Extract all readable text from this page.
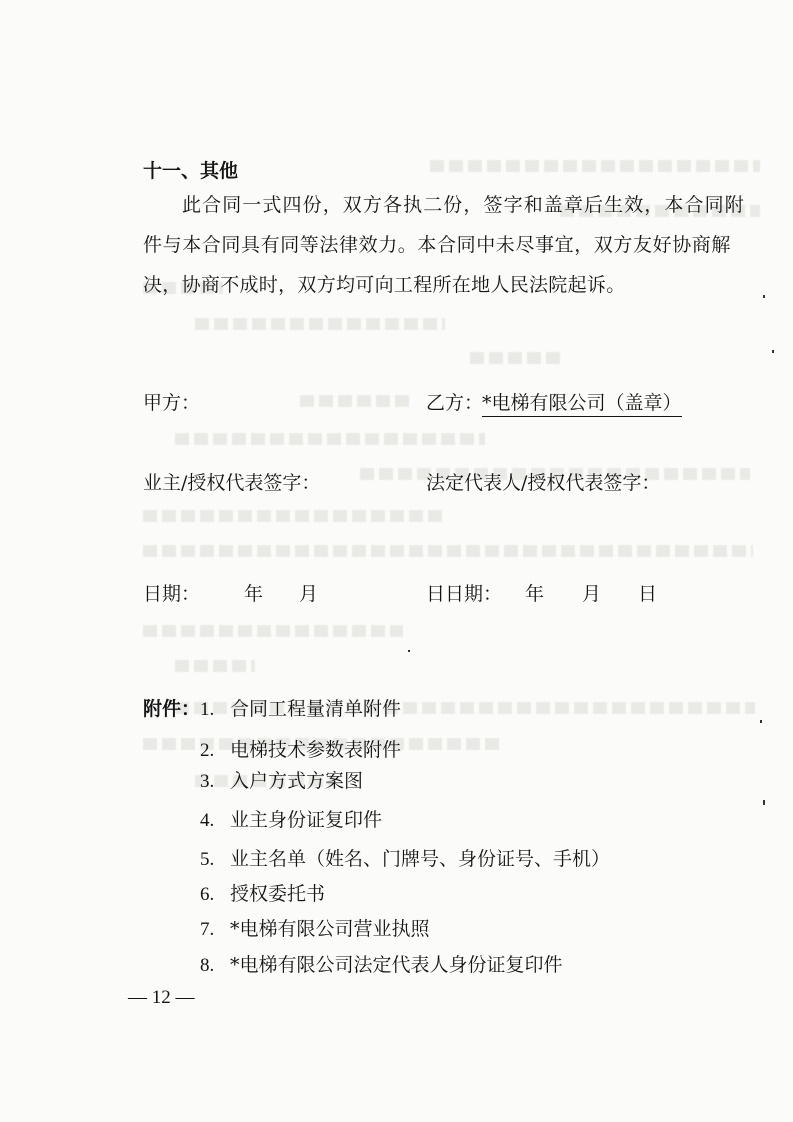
十一、其他
此合同一式四份，双方各执二份，签字和盖章后生效，本合同附
件与本合同具有同等法律效力。本合同中未尽事宜，双方友好协商解
决，协商不成时，双方均可向工程所在地人民法院起诉。
甲方：	乙方：
*电梯有限公司（盖章）
业主/授权代表签字：	法定代表人/授权代表签字：
日期： 年 月	日日期： 年 月 日
附件： 1. 合同工程量清单附件
2. 电梯技术参数表附件
3. 入户方式方案图
4. 业主身份证复印件
5. 业主名单（姓名、门牌号、身份证号、手机）
6. 授权委托书
7. *电梯有限公司营业执照
8. *电梯有限公司法定代表人身份证复印件
— 12 —
